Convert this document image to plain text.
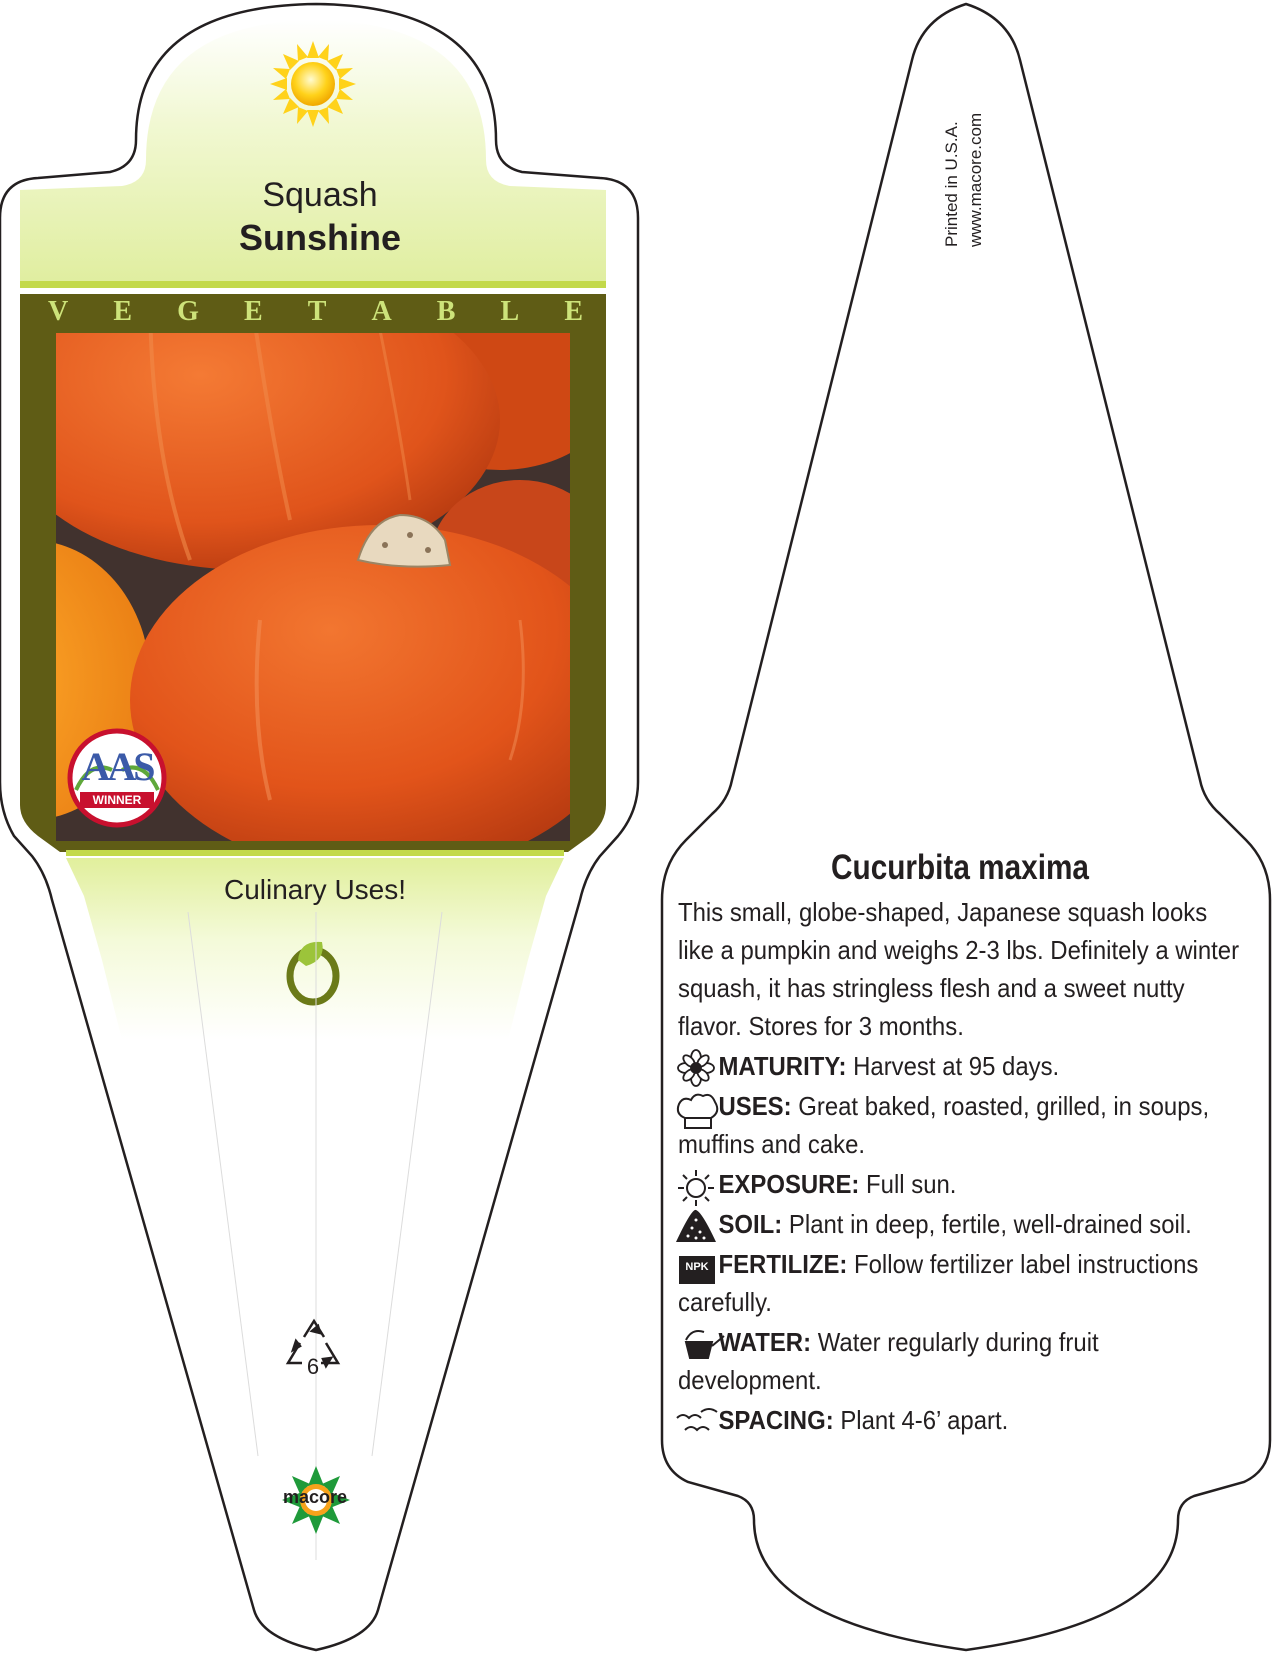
Squash
Sunshine
V E G E T A B L E
AAS
WINNER
Culinary Uses!
6
macore
Printed in U.S.A. www.macore.com
Cucurbita maxima
This small, globe-shaped, Japanese squash looks like a pumpkin and weighs 2-3 lbs. Definitely a winter squash, it has stringless flesh and a sweet nutty flavor. Stores for 3 months.
MATURITY: Harvest at 95 days.
USES: Great baked, roasted, grilled, in soups, muffins and cake.
EXPOSURE: Full sun.
SOIL: Plant in deep, fertile, well-drained soil.
FERTILIZE: Follow fertilizer label instructions carefully.
WATER: Water regularly during fruit development.
SPACING: Plant 4-6’ apart.
NPK
